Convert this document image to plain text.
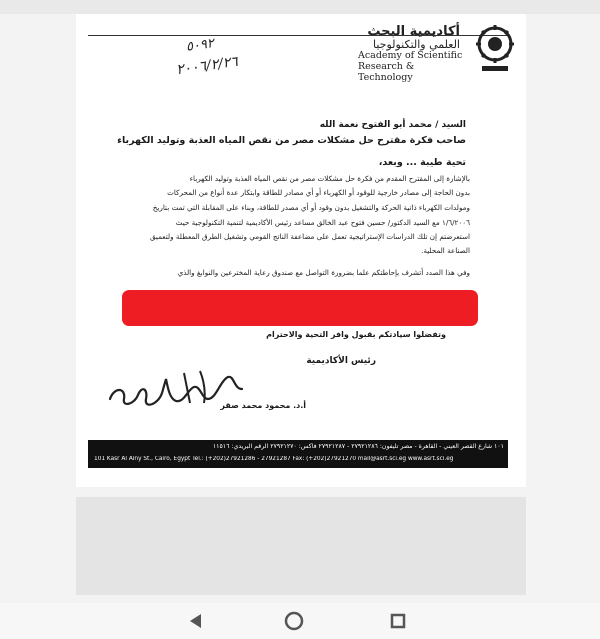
أكاديمية البحث
العلمي والتكنولوجيا
Academy of Scientific
Research & Technology
٥٠٩٢
٢٠٠٦/٢/٢٦
السيد / محمد أبو الفتوح نعمة الله
صاحب فكرة مقترح حل مشكلات مصر من نقص المياه العذبة وتوليد الكهرباء
تحية طيبة ... وبعد،
بالإشارة إلى المقترح المقدم من فكرة حل مشكلات مصر من نقص المياه العذبة وتوليد الكهرباء
بدون الحاجة إلى مصادر خارجية للوقود أو الكهرباء أو أي مصادر للطاقة وابتكار عدة أنواع من المحركات
ومولدات الكهرباء ذاتية الحركة والتشغيل بدون وقود أو أي مصدر للطاقة، وبناء على المقابلة التي تمت بتاريخ
١/٦/٢٠٠٦ مع السيد الدكتور/ حسين فتوح عبد الخالق مساعد رئيس الأكاديمية لتنمية التكنولوجية حيث
استعرضتم إن تلك الدراسات الإستراتيجية تعمل على مضاعفة الناتج القومي وتشغيل الطرق المعطلة ولتعميق
الصناعة المحلية.
وفي هذا الصدد أتشرف بإحاطتكم علما بضرورة التواصل مع صندوق رعاية المخترعين والنوابغ والذي
وتفضلوا سيادتكم بقبول وافر التحية والاحترام
رئيس الأكاديمية
أ.د. محمود محمد صقر
١٠١ شارع القصر العيني - القاهرة - مصر تليفون: ٢٧٩٢١٢٨٦ - ٢٧٩٢١٢٨٧ فاكس: ٢٧٩٢١٢٧٠ الرقم البريدي: ١١٥١٦
101 Kasr Al Ainy St., Cairo, Egypt Tel.: (+202)27921286 - 27921287 Fax: (+202)27921270 mail@asrt.sci.eg www.asrt.sci.eg
